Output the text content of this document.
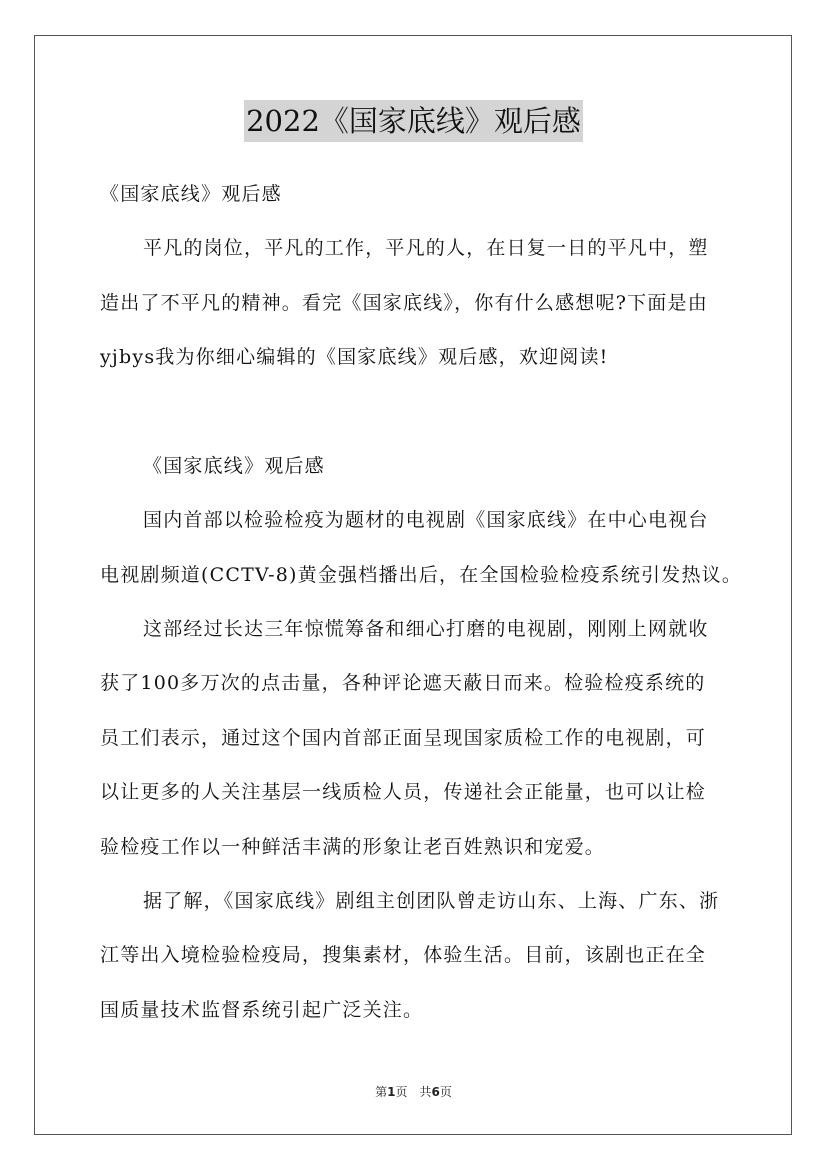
2022《国家底线》观后感
《国家底线》观后感
平凡的岗位，平凡的工作，平凡的人，在日复一日的平凡中，塑
造出了不平凡的精神。看完《国家底线》，你有什么感想呢?下面是由
yjbys我为你细心编辑的《国家底线》观后感，欢迎阅读!
《国家底线》观后感
国内首部以检验检疫为题材的电视剧《国家底线》在中心电视台
电视剧频道(CCTV-8)黄金强档播出后，在全国检验检疫系统引发热议。
这部经过长达三年惊慌筹备和细心打磨的电视剧，刚刚上网就收
获了100多万次的点击量，各种评论遮天蔽日而来。检验检疫系统的
员工们表示，通过这个国内首部正面呈现国家质检工作的电视剧，可
以让更多的人关注基层一线质检人员，传递社会正能量，也可以让检
验检疫工作以一种鲜活丰满的形象让老百姓熟识和宠爱。
据了解，《国家底线》剧组主创团队曾走访山东、上海、广东、浙
江等出入境检验检疫局，搜集素材，体验生活。目前，该剧也正在全
国质量技术监督系统引起广泛关注。
第1页　共6页
